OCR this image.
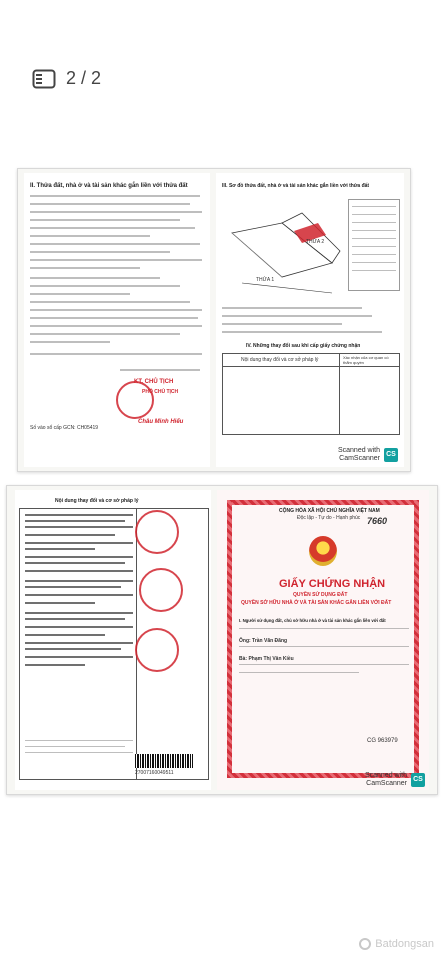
2 / 2
II. Thửa đất, nhà ở và tài sản khác gắn liền với thửa đất
KT. CHỦ TỊCH
PHÓ CHỦ TỊCH
Châu Minh Hiếu
Số vào sổ cấp GCN: CH05419
III. Sơ đồ thửa đất, nhà ở và tài sản khác gắn liền với thửa đất
THỬA 1
THỬA 2
IV. Những thay đổi sau khi cấp giấy chứng nhận
Nội dung thay đổi và cơ sở pháp lý	Xác nhận của cơ quan có thẩm quyền
Scanned with
CamScanner
CS
Nội dung thay đổi và cơ sở pháp lý
27007160049511
CỘNG HÒA XÃ HỘI CHỦ NGHĨA VIỆT NAM
Độc lập - Tự do - Hạnh phúc 7660
GIẤY CHỨNG NHẬN
QUYỀN SỬ DỤNG ĐẤT
QUYỀN SỞ HỮU NHÀ Ở VÀ TÀI SẢN KHÁC GẮN LIỀN VỚI ĐẤT
I. Người sử dụng đất, chủ sở hữu nhà ở và tài sản khác gắn liền với đất
Ông: Trần Văn Đăng
Bà: Phạm Thị Vân Kiều
CG 963979
Scanned with
CamScanner
CS
Batdongsan
